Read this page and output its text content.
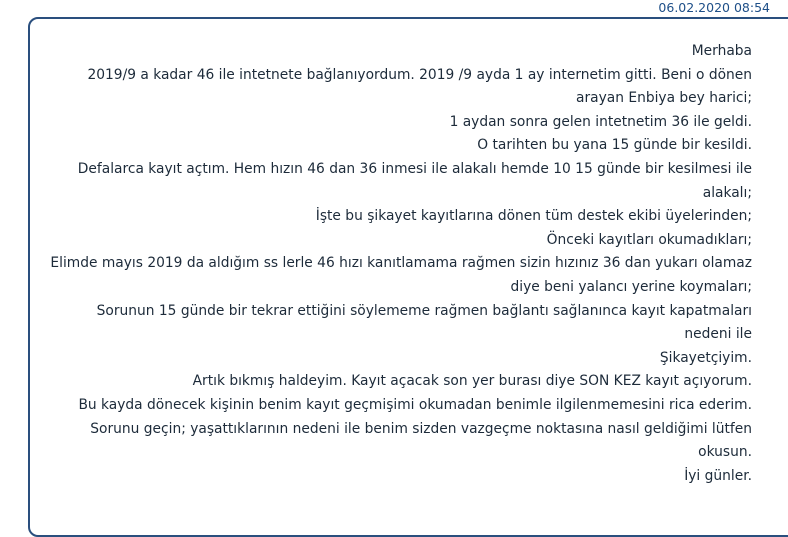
06.02.2020 08:54
Merhaba
2019/9 a kadar 46 ile intetnete bağlanıyordum. 2019 /9 ayda 1 ay internetim gitti. Beni o dönen
arayan Enbiya bey harici;
1 aydan sonra gelen intetnetim 36 ile geldi.
O tarihten bu yana 15 günde bir kesildi.
Defalarca kayıt açtım. Hem hızın 46 dan 36 inmesi ile alakalı hemde 10 15 günde bir kesilmesi ile
alakalı;
İşte bu şikayet kayıtlarına dönen tüm destek ekibi üyelerinden;
Önceki kayıtları okumadıkları;
Elimde mayıs 2019 da aldığım ss lerle 46 hızı kanıtlamama rağmen sizin hızınız 36 dan yukarı olamaz
diye beni yalancı yerine koymaları;
Sorunun 15 günde bir tekrar ettiğini söylememe rağmen bağlantı sağlanınca kayıt kapatmaları
nedeni ile
Şikayetçiyim.
Artık bıkmış haldeyim. Kayıt açacak son yer burası diye SON KEZ kayıt açıyorum.
Bu kayda dönecek kişinin benim kayıt geçmişimi okumadan benimle ilgilenmemesini rica ederim.
Sorunu geçin; yaşattıklarının nedeni ile benim sizden vazgeçme noktasına nasıl geldiğimi lütfen
okusun.
İyi günler.
